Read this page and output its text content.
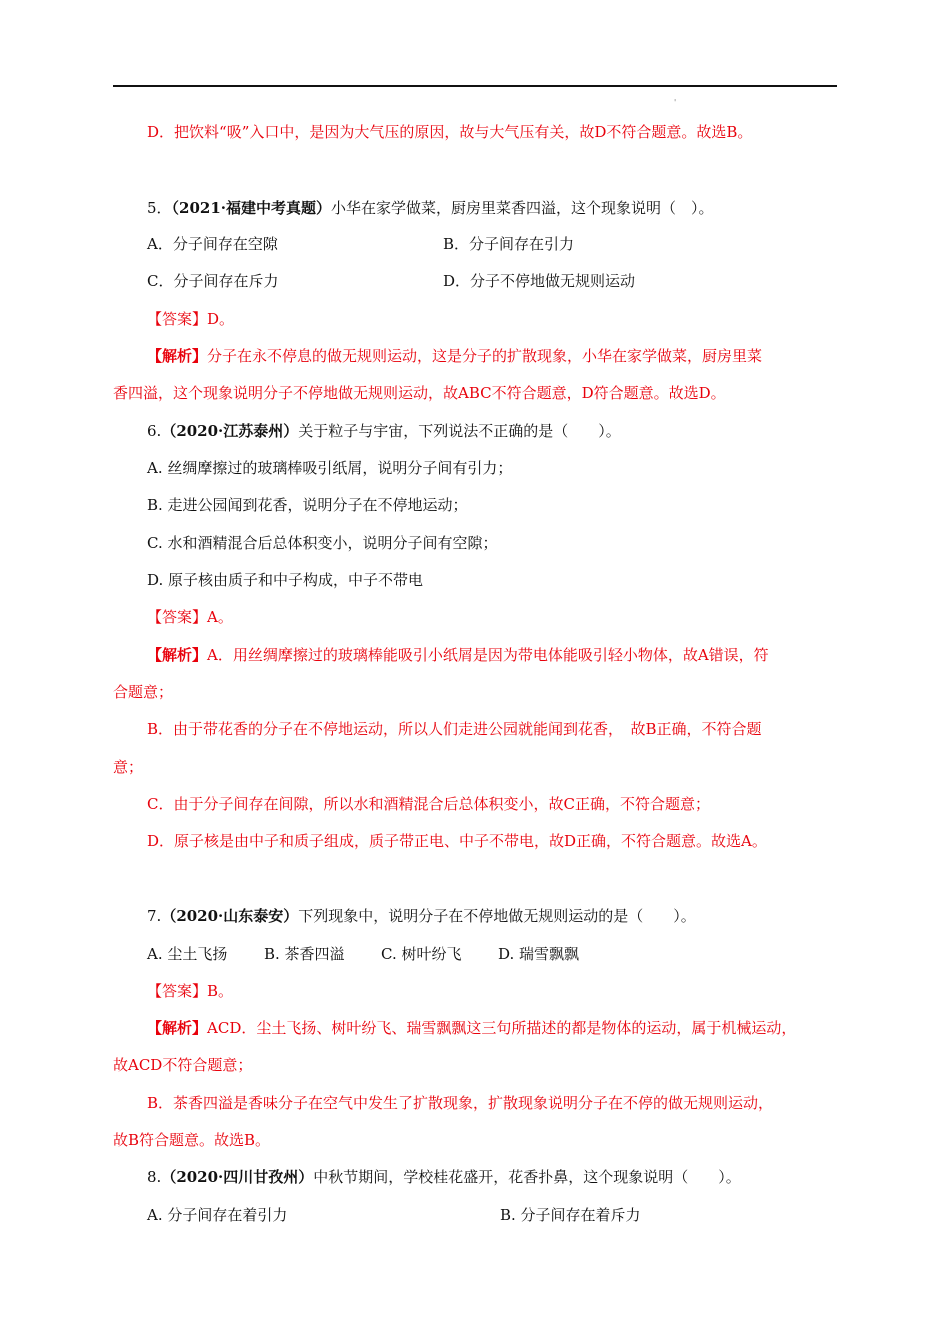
'
D．把饮料“吸”入口中，是因为大气压的原因，故与大气压有关，故D不符合题意。故选B。
5．（2021·福建中考真题）小华在家学做菜，厨房里菜香四溢，这个现象说明（　）。
A．分子间存在空隙	B．分子间存在引力
C．分子间存在斥力	D．分子不停地做无规则运动
【答案】D。
【解析】分子在永不停息的做无规则运动，这是分子的扩散现象，小华在家学做菜，厨房里菜
香四溢，这个现象说明分子不停地做无规则运动，故ABC不符合题意，D符合题意。故选D。
6.（2020·江苏泰州）关于粒子与宇宙，下列说法不正确的是（　　）。
A. 丝绸摩擦过的玻璃棒吸引纸屑，说明分子间有引力；
B. 走进公园闻到花香，说明分子在不停地运动；
C. 水和酒精混合后总体积变小，说明分子间有空隙；
D. 原子核由质子和中子构成，中子不带电
【答案】A。
【解析】A．用丝绸摩擦过的玻璃棒能吸引小纸屑是因为带电体能吸引轻小物体，故A错误，符
合题意；
B．由于带花香的分子在不停地运动，所以人们走进公园就能闻到花香，　故B正确，不符合题
意；
C．由于分子间存在间隙，所以水和酒精混合后总体积变小，故C正确，不符合题意；
D．原子核是由中子和质子组成，质子带正电、中子不带电，故D正确，不符合题意。故选A。
7.（2020·山东泰安）下列现象中，说明分子在不停地做无规则运动的是（　　）。
A. 尘土飞扬 B. 茶香四溢 C. 树叶纷飞 D. 瑞雪飘飘
【答案】B。
【解析】ACD．尘土飞扬、树叶纷飞、瑞雪飘飘这三句所描述的都是物体的运动，属于机械运动，
故ACD不符合题意；
B．茶香四溢是香味分子在空气中发生了扩散现象，扩散现象说明分子在不停的做无规则运动，
故B符合题意。故选B。
8.（2020·四川甘孜州）中秋节期间，学校桂花盛开，花香扑鼻，这个现象说明（　　）。
A. 分子间存在着引力	B. 分子间存在着斥力
